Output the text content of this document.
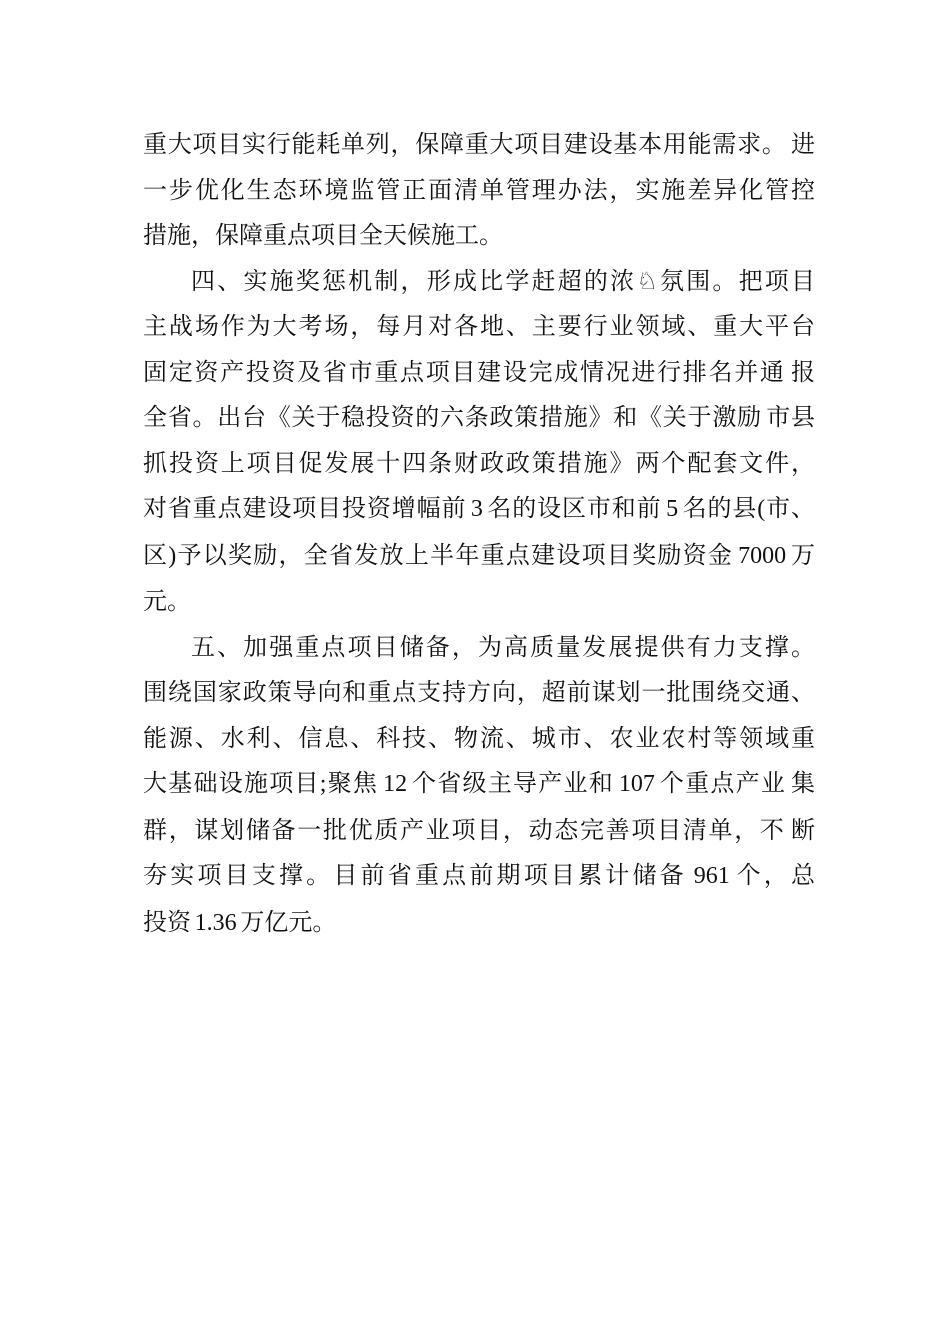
重大项目实行能耗单列，保障重大项目建设基本用能需求。 进
一步优化生态环境监管正面清单管理办法，实施差异化管控
措施，保障重点项目全天候施工。
四、实施奖惩机制，形成比学赶超的浓♘氛围。把项目
主战场作为大考场，每月对各地、主要行业领域、重大平台
固定资产投资及省市重点项目建设完成情况进行排名并通 报
全省。出台《关于稳投资的六条政策措施》和《关于激励 市县
抓投资上项目促发展十四条财政政策措施》两个配套文件，
对省重点建设项目投资增幅前 3 名的设区市和前 5 名的县(市、
区)予以奖励，全省发放上半年重点建设项目奖励资金 7000 万
元。
五、加强重点项目储备，为高质量发展提供有力支撑。
围绕国家政策导向和重点支持方向，超前谋划一批围绕交通、
能源、水利、信息、科技、物流、城市、农业农村等领域重
大基础设施项目;聚焦 12 个省级主导产业和 107 个重点产业 集
群，谋划储备一批优质产业项目，动态完善项目清单，不 断
夯实项目支撑。目前省重点前期项目累计储备 961 个，总
投资 1.36 万亿元。
